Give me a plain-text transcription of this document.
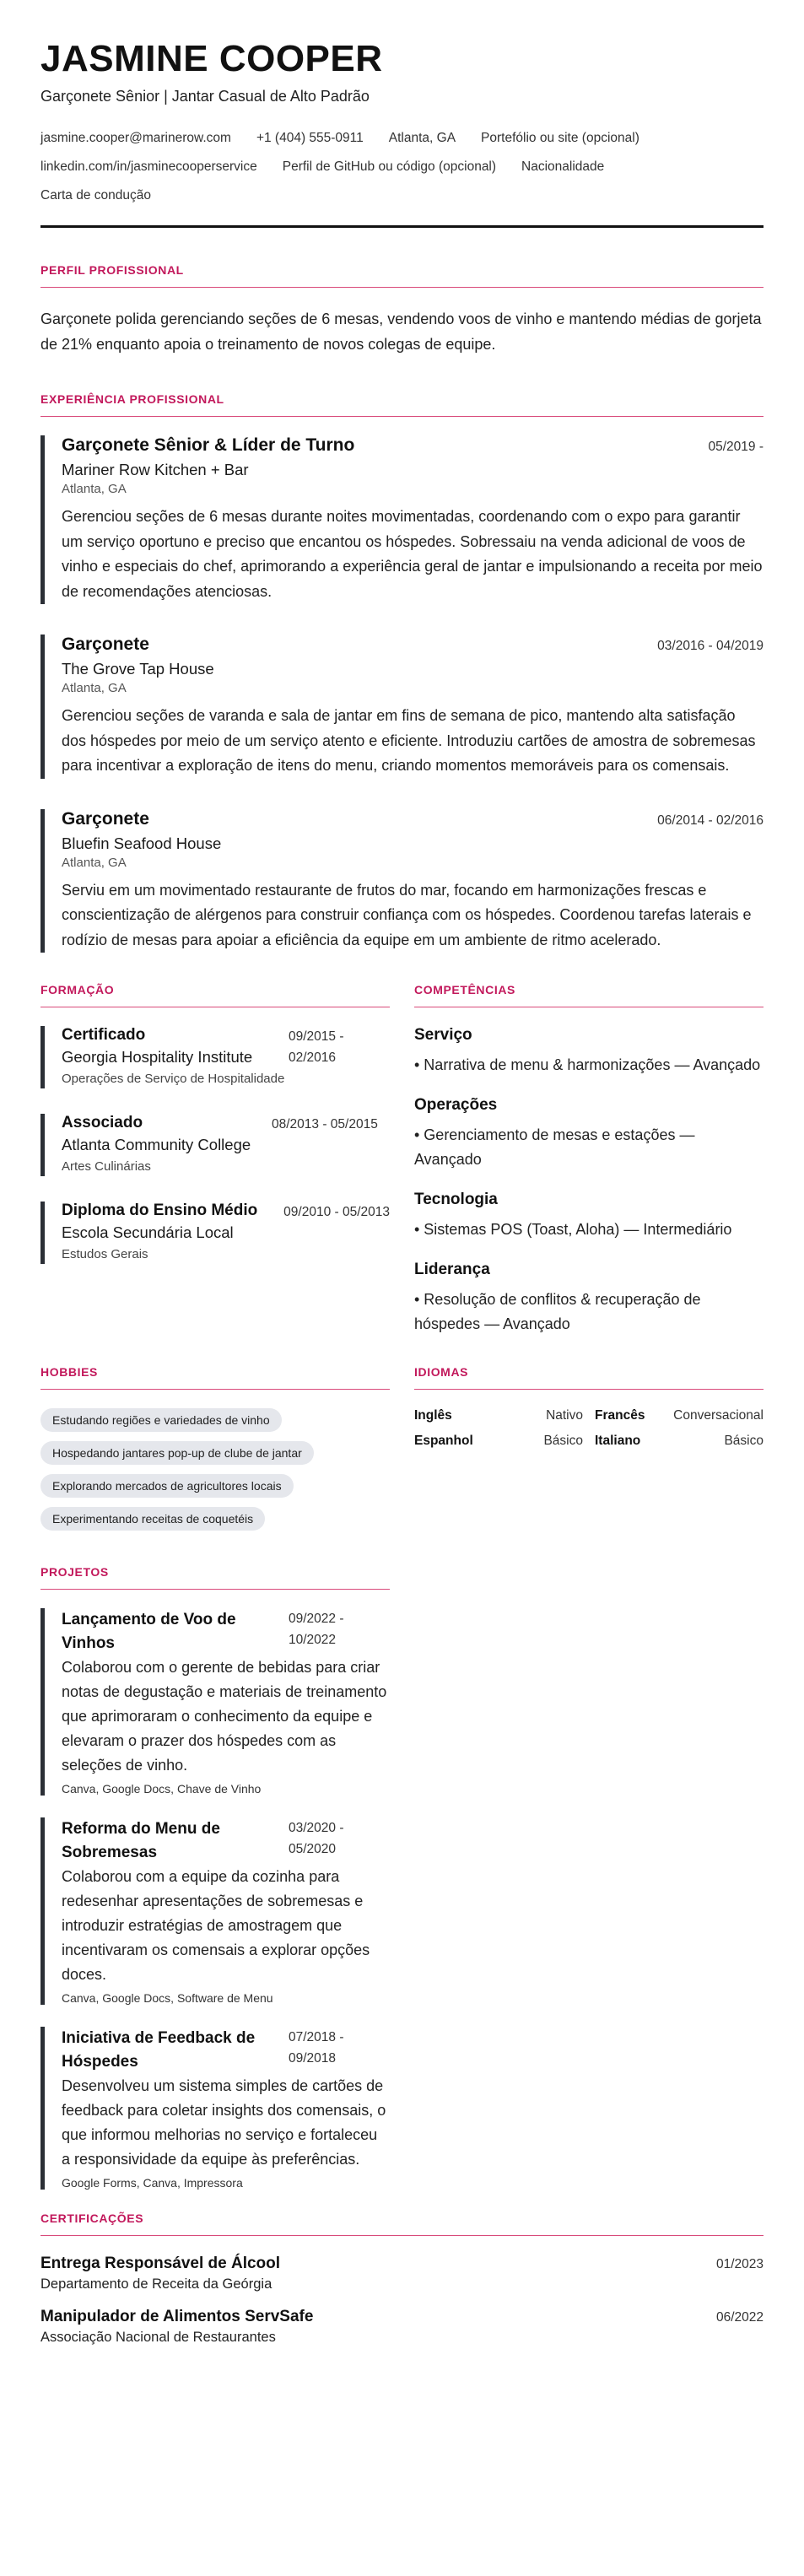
JASMINE COOPER
Garçonete Sênior | Jantar Casual de Alto Padrão
jasmine.cooper@marinerow.com +1 (404) 555-0911 Atlanta, GA Portefólio ou site (opcional)
linkedin.com/in/jasminecooperservice Perfil de GitHub ou código (opcional) Nacionalidade
Carta de condução
PERFIL PROFISSIONAL
Garçonete polida gerenciando seções de 6 mesas, vendendo voos de vinho e mantendo médias de gorjeta de 21% enquanto apoia o treinamento de novos colegas de equipe.
EXPERIÊNCIA PROFISSIONAL
Garçonete Sênior & Líder de Turno	05/2019 -
Mariner Row Kitchen + Bar
Atlanta, GA
Gerenciou seções de 6 mesas durante noites movimentadas, coordenando com o expo para garantir um serviço oportuno e preciso que encantou os hóspedes. Sobressaiu na venda adicional de voos de vinho e especiais do chef, aprimorando a experiência geral de jantar e impulsionando a receita por meio de recomendações atenciosas.
Garçonete	03/2016 - 04/2019
The Grove Tap House
Atlanta, GA
Gerenciou seções de varanda e sala de jantar em fins de semana de pico, mantendo alta satisfação dos hóspedes por meio de um serviço atento e eficiente. Introduziu cartões de amostra de sobremesas para incentivar a exploração de itens do menu, criando momentos memoráveis para os comensais.
Garçonete	06/2014 - 02/2016
Bluefin Seafood House
Atlanta, GA
Serviu em um movimentado restaurante de frutos do mar, focando em harmonizações frescas e conscientização de alérgenos para construir confiança com os hóspedes. Coordenou tarefas laterais e rodízio de mesas para apoiar a eficiência da equipe em um ambiente de ritmo acelerado.
FORMAÇÃO
Certificado
Georgia Hospitality Institute
09/2015 - 02/2016
Operações de Serviço de Hospitalidade
Associado
Atlanta Community College
08/2013 - 05/2015
Artes Culinárias
Diploma do Ensino Médio
Escola Secundária Local
09/2010 - 05/2013
Estudos Gerais
COMPETÊNCIAS
Serviço
• Narrativa de menu & harmonizações — Avançado
Operações
• Gerenciamento de mesas e estações — Avançado
Tecnologia
• Sistemas POS (Toast, Aloha) — Intermediário
Liderança
• Resolução de conflitos & recuperação de hóspedes — Avançado
HOBBIES
Estudando regiões e variedades de vinho
Hospedando jantares pop-up de clube de jantar
Explorando mercados de agricultores locais
Experimentando receitas de coquetéis
IDIOMAS
Inglês	Nativo Francês Conversacional
Espanhol	Básico Italiano	Básico
PROJETOS
Lançamento de Voo de Vinhos
09/2022 - 10/2022
Colaborou com o gerente de bebidas para criar notas de degustação e materiais de treinamento que aprimoraram o conhecimento da equipe e elevaram o prazer dos hóspedes com as seleções de vinho.
Canva, Google Docs, Chave de Vinho
Reforma do Menu de Sobremesas
03/2020 - 05/2020
Colaborou com a equipe da cozinha para redesenhar apresentações de sobremesas e introduzir estratégias de amostragem que incentivaram os comensais a explorar opções doces.
Canva, Google Docs, Software de Menu
Iniciativa de Feedback de Hóspedes
07/2018 - 09/2018
Desenvolveu um sistema simples de cartões de feedback para coletar insights dos comensais, o que informou melhorias no serviço e fortaleceu a responsividade da equipe às preferências.
Google Forms, Canva, Impressora
CERTIFICAÇÕES
Entrega Responsável de Álcool	01/2023
Departamento de Receita da Geórgia
Manipulador de Alimentos ServSafe	06/2022
Associação Nacional de Restaurantes
